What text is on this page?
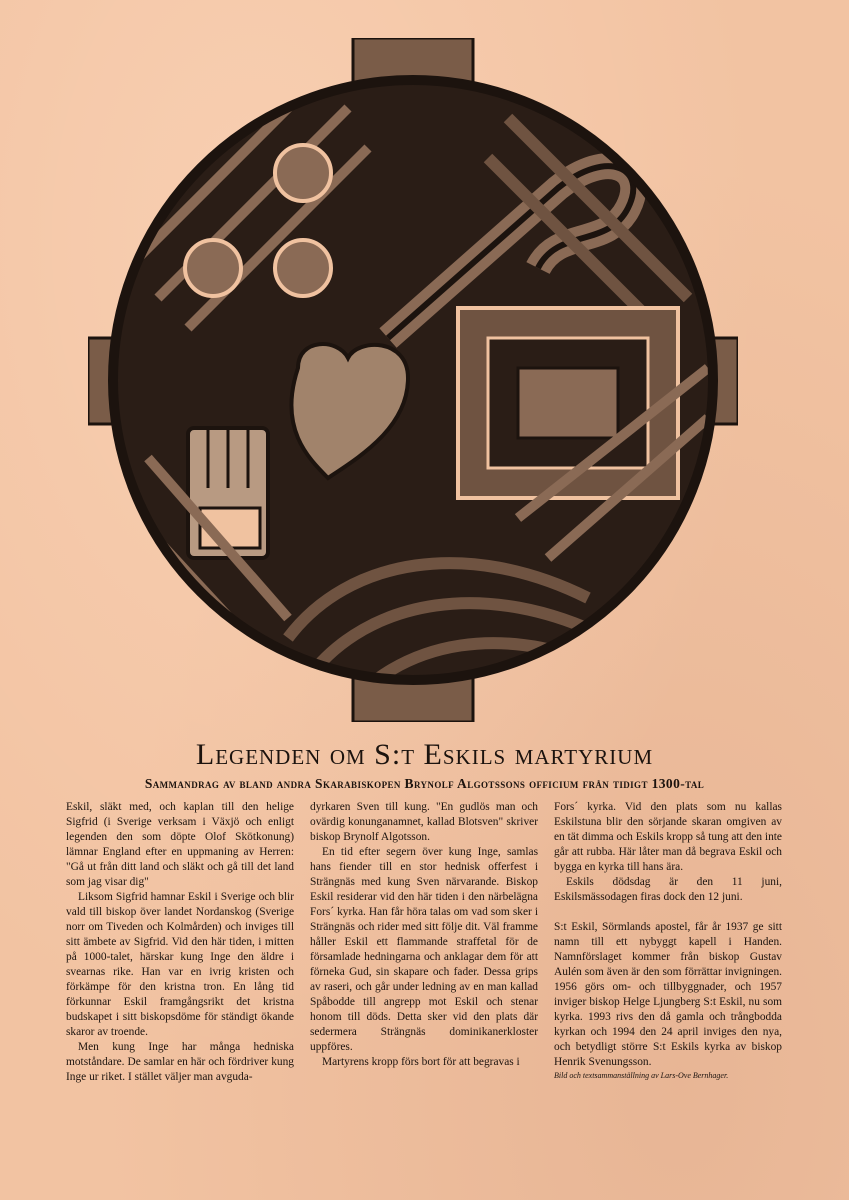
Legenden om S:t Eskils martyrium
Sammandrag av bland andra Skarabiskopen Brynolf Algotssons officium från tidigt 1300-tal

Eskil, släkt med, och kaplan till den helige Sigfrid (i Sverige verksam i Växjö och enligt legenden den som döpte Olof Skötkonung) lämnar England efter en uppmaning av Herren: "Gå ut från ditt land och släkt och gå till det land som jag visar dig"

Liksom Sigfrid hamnar Eskil i Sverige och blir vald till biskop över landet Nordanskog (Sverige norr om Tiveden och Kolmården) och inviges till sitt ämbete av Sigfrid. Vid den här tiden, i mitten på 1000-talet, härskar kung Inge den äldre i svearnas rike. Han var en ivrig kristen och förkämpe för den kristna tron. En lång tid förkunnar Eskil framgångsrikt det kristna budskapet i sitt biskopsdöme för ständigt ökande skaror av troende.

Men kung Inge har många hedniska motståndare. De samlar en här och fördriver kung Inge ur riket. I stället väljer man avguda-

dyrkaren Sven till kung. "En gudlös man och ovärdig konunganamnet, kallad Blotsven" skriver biskop Brynolf Algotsson.

En tid efter segern över kung Inge, samlas hans fiender till en stor hednisk offerfest i Strängnäs med kung Sven närvarande. Biskop Eskil residerar vid den här tiden i den närbelägna Fors´ kyrka. Han får höra talas om vad som sker i Strängnäs och rider med sitt följe dit. Väl framme håller Eskil ett flammande straffetal för de församlade hedningarna och anklagar dem för att förneka Gud, sin skapare och fader. Dessa grips av raseri, och går under ledning av en man kallad Spåbodde till angrepp mot Eskil och stenar honom till döds. Detta sker vid den plats där sedermera Strängnäs dominikanerkloster uppföres.

Martyrens kropp förs bort för att begravas i

Fors´ kyrka. Vid den plats som nu kallas Eskilstuna blir den sörjande skaran omgiven av en tät dimma och Eskils kropp så tung att den inte går att rubba. Här låter man då begrava Eskil och bygga en kyrka till hans ära.

Eskils dödsdag är den 11 juni, Eskilsmässodagen firas dock den 12 juni.

S:t Eskil, Sörmlands apostel, får år 1937 ge sitt namn till ett nybyggt kapell i Handen. Namnförslaget kommer från biskop Gustav Aulén som även är den som förrättar invigningen. 1956 görs om- och tillbyggnader, och 1957 inviger biskop Helge Ljungberg S:t Eskil, nu som kyrka. 1993 rivs den då gamla och trångbodda kyrkan och 1994 den 24 april inviges den nya, och betydligt större S:t Eskils kyrka av biskop Henrik Svenungsson.

Bild och textsammanställning av Lars-Ove Bernhager.
